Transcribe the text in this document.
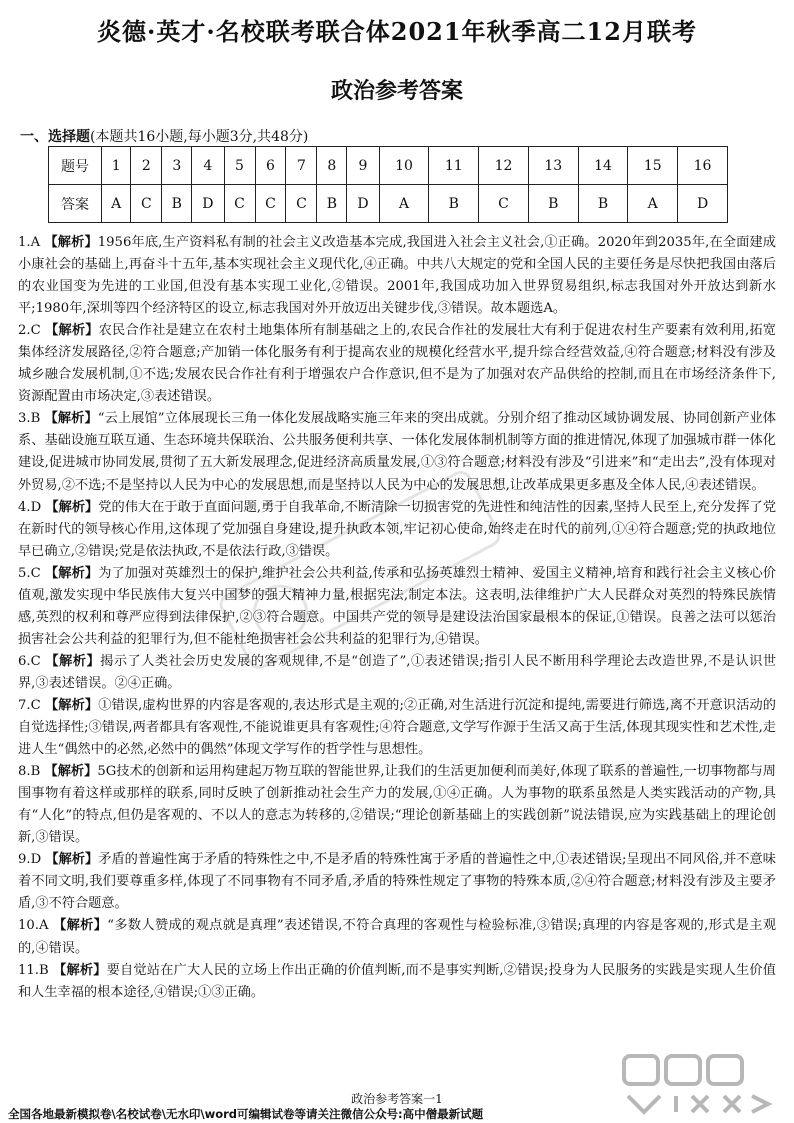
炎德·英才·名校联考联合体2021年秋季高二12月联考
政治参考答案
一、选择题(本题共16小题,每小题3分,共48分)
题号	1	2	3	4	5	6	7	8	9	10	11	12	13	14	15	16
答案	A	C	B	D	C	C	C	B	D	A	B	C	B	B	A	D

1.A 【解析】1956年底,生产资料私有制的社会主义改造基本完成,我国进入社会主义社会,①正确。2020年到2035年,在全面建成小康社会的基础上,再奋斗十五年,基本实现社会主义现代化,④正确。中共八大规定的党和全国人民的主要任务是尽快把我国由落后的农业国变为先进的工业国,但没有基本实现工业化,②错误。2001年,我国成功加入世界贸易组织,标志我国对外开放达到新水平;1980年,深圳等四个经济特区的设立,标志我国对外开放迈出关键步伐,③错误。故本题选A。

2.C 【解析】农民合作社是建立在农村土地集体所有制基础之上的,农民合作社的发展壮大有利于促进农村生产要素有效利用,拓宽集体经济发展路径,②符合题意;产加销一体化服务有利于提高农业的规模化经营水平,提升综合经营效益,④符合题意;材料没有涉及城乡融合发展机制,①不选;发展农民合作社有利于增强农户合作意识,但不是为了加强对农产品供给的控制,而且在市场经济条件下,资源配置由市场决定,③表述错误。

3.B 【解析】“云上展馆”立体展现长三角一体化发展战略实施三年来的突出成就。分别介绍了推动区域协调发展、协同创新产业体系、基础设施互联互通、生态环境共保联治、公共服务便利共享、一体化发展体制机制等方面的推进情况,体现了加强城市群一体化建设,促进城市协同发展,贯彻了五大新发展理念,促进经济高质量发展,①③符合题意;材料没有涉及“引进来”和“走出去”,没有体现对外贸易,②不选;不是坚持以人民为中心的发展思想,而是坚持以人民为中心的发展思想,让改革成果更多惠及全体人民,④表述错误。

4.D 【解析】党的伟大在于敢于直面问题,勇于自我革命,不断清除一切损害党的先进性和纯洁性的因素,坚持人民至上,充分发挥了党在新时代的领导核心作用,这体现了党加强自身建设,提升执政本领,牢记初心使命,始终走在时代的前列,①④符合题意;党的执政地位早已确立,②错误;党是依法执政,不是依法行政,③错误。

5.C 【解析】为了加强对英雄烈士的保护,维护社会公共利益,传承和弘扬英雄烈士精神、爱国主义精神,培育和践行社会主义核心价值观,激发实现中华民族伟大复兴中国梦的强大精神力量,根据宪法,制定本法。这表明,法律维护广大人民群众对英烈的特殊民族情感,英烈的权利和尊严应得到法律保护,②③符合题意。中国共产党的领导是建设法治国家最根本的保证,①错误。良善之法可以惩治损害社会公共利益的犯罪行为,但不能杜绝损害社会公共利益的犯罪行为,④错误。

6.C 【解析】揭示了人类社会历史发展的客观规律,不是“创造了”,①表述错误;指引人民不断用科学理论去改造世界,不是认识世界,③表述错误。②④正确。

7.C 【解析】①错误,虚构世界的内容是客观的,表达形式是主观的;②正确,对生活进行沉淀和提纯,需要进行筛选,离不开意识活动的自觉选择性;③错误,两者都具有客观性,不能说谁更具有客观性;④符合题意,文学写作源于生活又高于生活,体现其现实性和艺术性,走进人生“偶然中的必然,必然中的偶然”体现文学写作的哲学性与思想性。

8.B 【解析】5G技术的创新和运用构建起万物互联的智能世界,让我们的生活更加便利而美好,体现了联系的普遍性,一切事物都与周围事物有着这样或那样的联系,同时反映了创新推动社会生产力的发展,①④正确。人为事物的联系虽然是人类实践活动的产物,具有“人化”的特点,但仍是客观的、不以人的意志为转移的,②错误;“理论创新基础上的实践创新”说法错误,应为实践基础上的理论创新,③错误。

9.D 【解析】矛盾的普遍性寓于矛盾的特殊性之中,不是矛盾的特殊性寓于矛盾的普遍性之中,①表述错误;呈现出不同风俗,并不意味着不同文明,我们要尊重多样,体现了不同事物有不同矛盾,矛盾的特殊性规定了事物的特殊本质,②④符合题意;材料没有涉及主要矛盾,③不符合题意。

10.A 【解析】“多数人赞成的观点就是真理”表述错误,不符合真理的客观性与检验标准,③错误;真理的内容是客观的,形式是主观的,④错误。

11.B 【解析】要自觉站在广大人民的立场上作出正确的价值判断,而不是事实判断,②错误;投身为人民服务的实践是实现人生价值和人生幸福的根本途径,④错误;①③正确。

政治参考答案一1
全国各地最新模拟卷\名校试卷\无水印\word可编辑试卷等请关注微信公众号:高中僧最新试题
